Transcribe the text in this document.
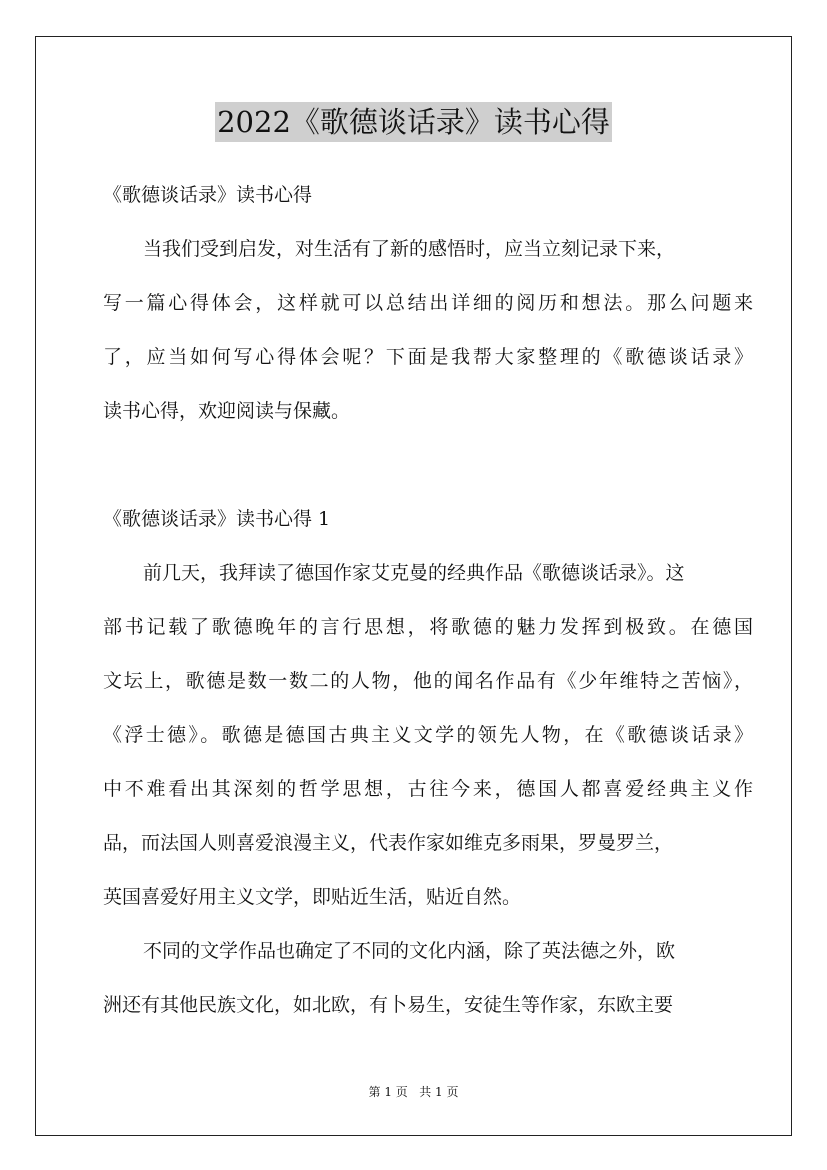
2022《歌德谈话录》读书心得
《歌德谈话录》读书心得
当我们受到启发，对生活有了新的感悟时，应当立刻记录下来，
写一篇心得体会，这样就可以总结出详细的阅历和想法。那么问题来
了，应当如何写心得体会呢？下面是我帮大家整理的《歌德谈话录》
读书心得，欢迎阅读与保藏。
《歌德谈话录》读书心得 1
前几天，我拜读了德国作家艾克曼的经典作品《歌德谈话录》。这
部书记载了歌德晚年的言行思想，将歌德的魅力发挥到极致。在德国
文坛上，歌德是数一数二的人物，他的闻名作品有《少年维特之苦恼》，
《浮士德》。歌德是德国古典主义文学的领先人物，在《歌德谈话录》
中不难看出其深刻的哲学思想，古往今来，德国人都喜爱经典主义作
品，而法国人则喜爱浪漫主义，代表作家如维克多雨果，罗曼罗兰，
英国喜爱好用主义文学，即贴近生活，贴近自然。
不同的文学作品也确定了不同的文化内涵，除了英法德之外，欧
洲还有其他民族文化，如北欧，有卜易生，安徒生等作家，东欧主要
第 1 页   共 1 页
